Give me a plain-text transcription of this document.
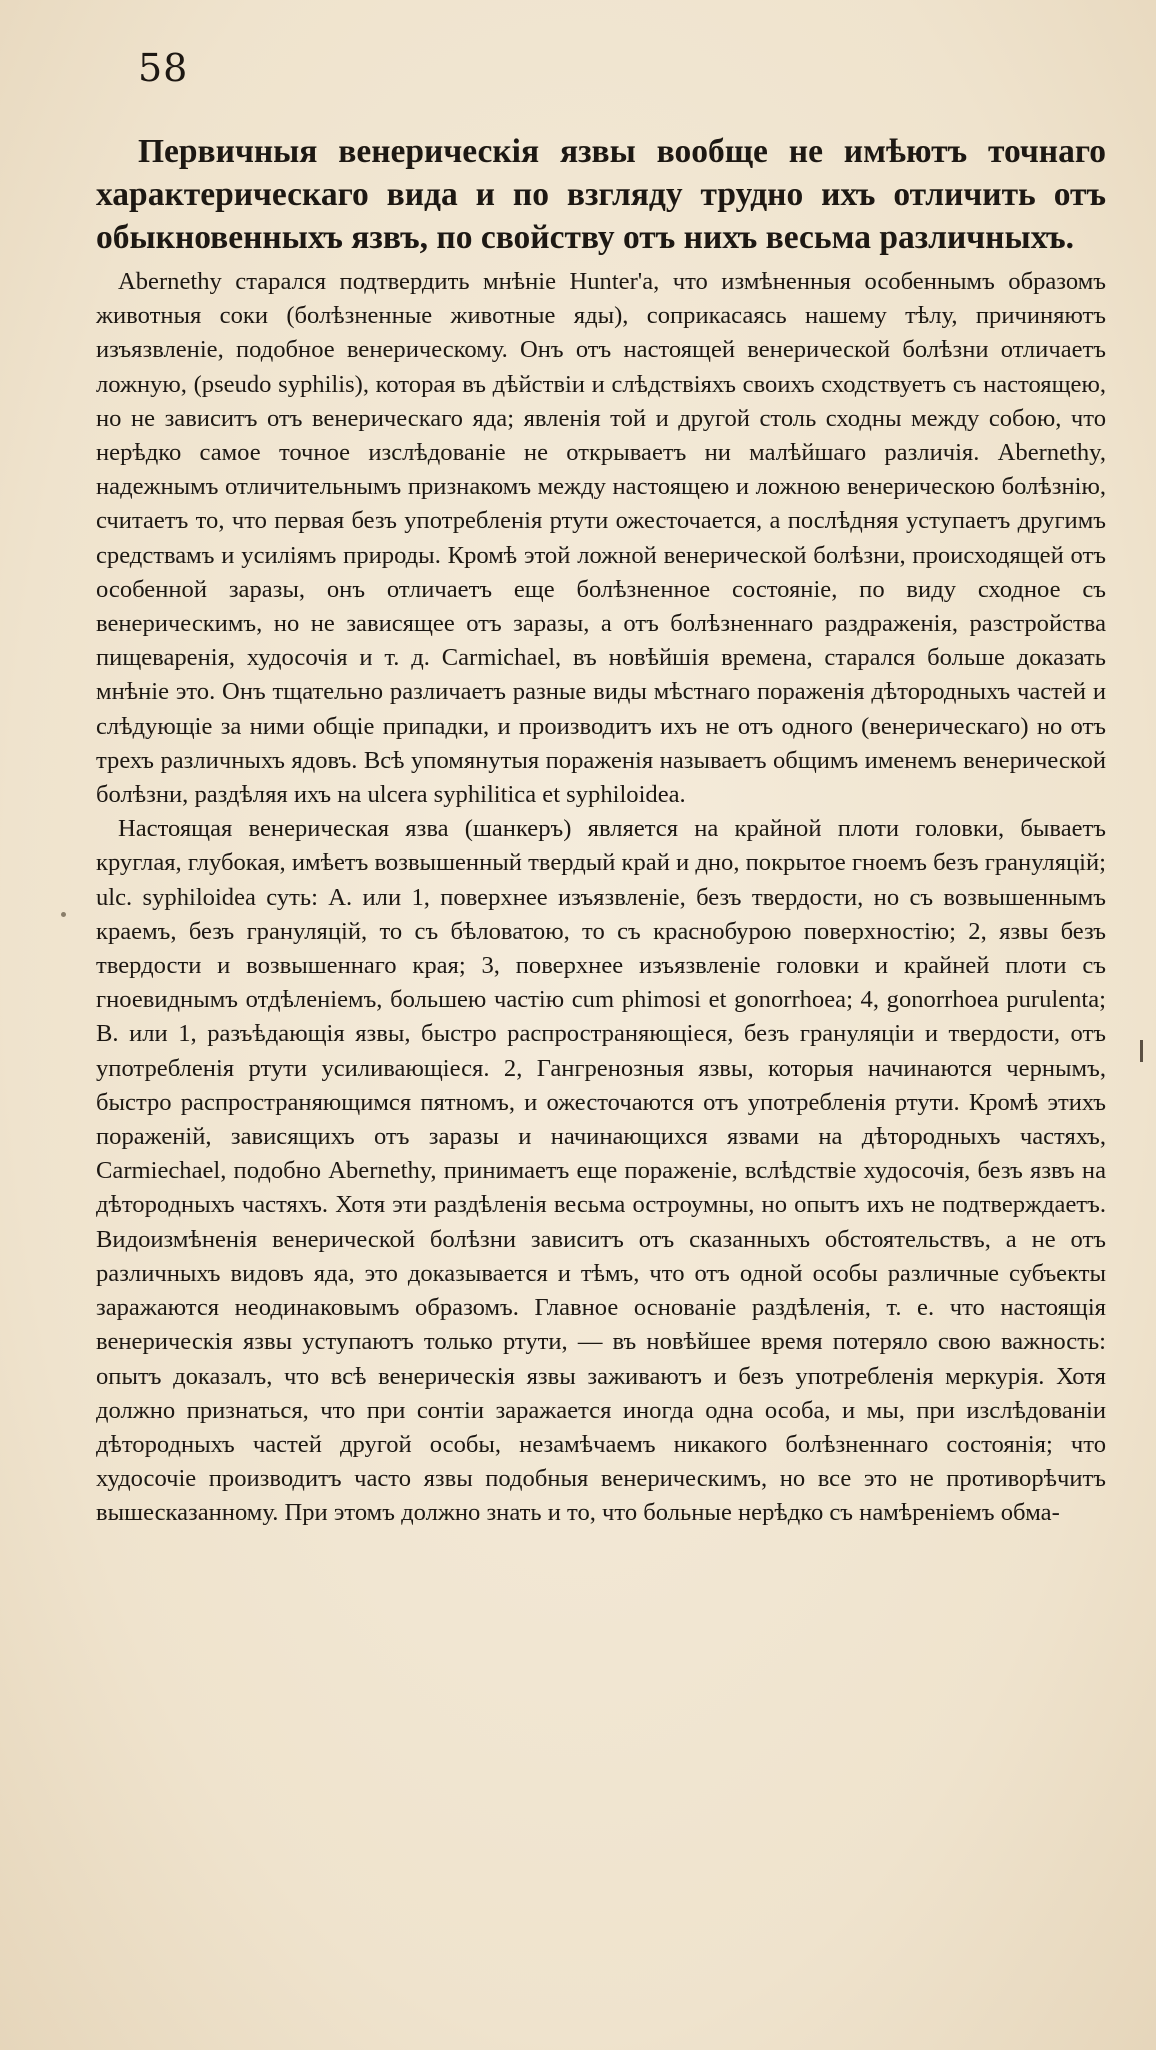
58

Первичныя венерическія язвы вообще не имѣютъ точнаго характерическаго вида и по взгляду трудно ихъ отличить отъ обыкновенныхъ язвъ, по свойству отъ нихъ весьма различныхъ.

Abernethy старался подтвердить мнѣніе Hunter'a, что измѣненныя особеннымъ образомъ животныя соки (болѣзненные животные яды), соприкасаясь нашему тѣлу, причиняютъ изъязвленіе, подобное венерическому. Онъ отъ настоящей венерической болѣзни отличаетъ ложную, (pseudo syphilis), которая въ дѣйствіи и слѣдствіяхъ своихъ сходствуетъ съ настоящею, но не зависитъ отъ венерическаго яда; явленія той и другой столь сходны между собою, что нерѣдко самое точное изслѣдованіе не открываетъ ни малѣйшаго различія. Abernethy, надежнымъ отличительнымъ признакомъ между настоящею и ложною венерическою болѣзнію, считаетъ то, что первая безъ употребленія ртути ожесточается, а послѣдняя уступаетъ другимъ средствамъ и усиліямъ природы. Кромѣ этой ложной венерической болѣзни, происходящей отъ особенной заразы, онъ отличаетъ еще болѣзненное состояніе, по виду сходное съ венерическимъ, но не зависящее отъ заразы, а отъ болѣзненнаго раздраженія, разстройства пищеваренія, худосочія и т. д. Carmichael, въ новѣйшія времена, старался больше доказать мнѣніе это. Онъ тщательно различаетъ разные виды мѣстнаго пораженія дѣтородныхъ частей и слѣдующіе за ними общіе припадки, и производитъ ихъ не отъ одного (венерическаго) но отъ трехъ различныхъ ядовъ. Всѣ упомянутыя пораженія называетъ общимъ именемъ венерической болѣзни, раздѣляя ихъ на ulcera syphilitica et syphiloidea.

Настоящая венерическая язва (шанкеръ) является на крайной плоти головки, бываетъ круглая, глубокая, имѣетъ возвышенный твердый край и дно, покрытое гноемъ безъ грануляцій; ulc. syphiloidea суть: A. или 1, поверхнее изъязвленіе, безъ твердости, но съ возвышеннымъ краемъ, безъ грануляцій, то съ бѣловатою, то съ краснобурою поверхностію; 2, язвы безъ твердости и возвышеннаго края; 3, поверхнее изъязвленіе головки и крайней плоти съ гноевиднымъ отдѣленіемъ, большею частію cum phimosi et gonorrhoea; 4, gonorrhoea purulenta; B. или 1, разъѣдающія язвы, быстро распространяющіеся, безъ грануляціи и твердости, отъ употребленія ртути усиливающіеся. 2, Гангренозныя язвы, которыя начинаются чернымъ, быстро распространяющимся пятномъ, и ожесточаются отъ употребленія ртути. Кромѣ этихъ пораженій, зависящихъ отъ заразы и начинающихся язвами на дѣтородныхъ частяхъ, Carmiechael, подобно Abernethy, принимаетъ еще пораженіе, вслѣдствіе худосочія, безъ язвъ на дѣтородныхъ частяхъ. Хотя эти раздѣленія весьма остроумны, но опытъ ихъ не подтверждаетъ. Видоизмѣненія венерической болѣзни зависитъ отъ сказанныхъ обстоятельствъ, а не отъ различныхъ видовъ яда, это доказывается и тѣмъ, что отъ одной особы различные субъекты заражаются неодинаковымъ образомъ. Главное основаніе раздѣленія, т. е. что настоящія венерическія язвы уступаютъ только ртути, — въ новѣйшее время потеряло свою важность: опытъ доказалъ, что всѣ венерическія язвы заживаютъ и безъ употребленія меркурія. Хотя должно признаться, что при сонтіи заражается иногда одна особа, и мы, при изслѣдованіи дѣтородныхъ частей другой особы, незамѣчаемъ никакого болѣзненнаго состоянія; что худосочіе производитъ часто язвы подобныя венерическимъ, но все это не противорѣчитъ вышесказанному. При этомъ должно знать и то, что больные нерѣдко съ намѣреніемъ обма-
